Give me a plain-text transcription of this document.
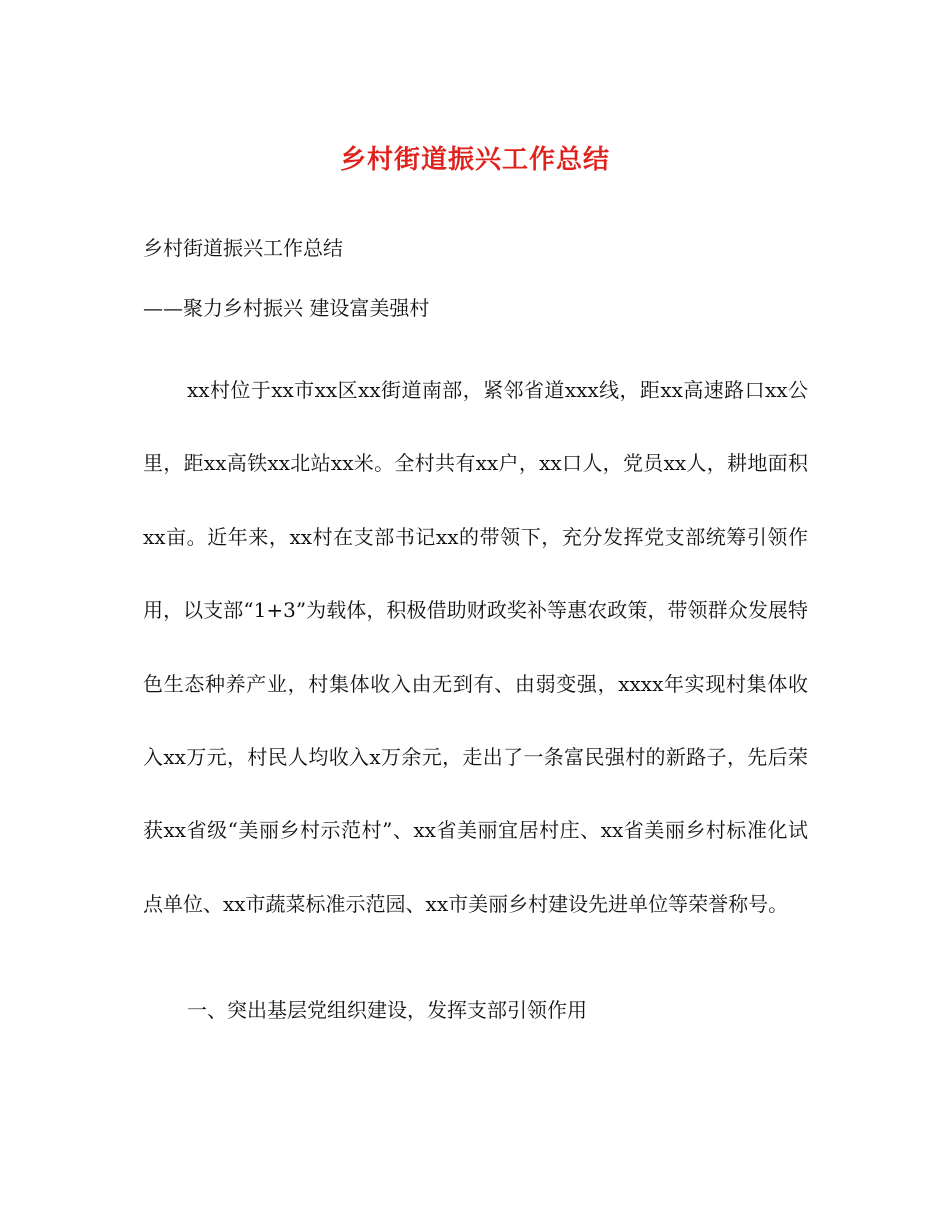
乡村街道振兴工作总结
乡村街道振兴工作总结
——聚力乡村振兴 建设富美强村

xx村位于xx市xx区xx街道南部，紧邻省道xxx线，距xx高速路口xx公里，距xx高铁xx北站xx米。全村共有xx户，xx口人，党员xx人，耕地面积xx亩。近年来，xx村在支部书记xx的带领下，充分发挥党支部统筹引领作用，以支部“1+3”为载体，积极借助财政奖补等惠农政策，带领群众发展特色生态种养产业，村集体收入由无到有、由弱变强，xxxx年实现村集体收入xx万元，村民人均收入x万余元，走出了一条富民强村的新路子，先后荣获xx省级“美丽乡村示范村”、xx省美丽宜居村庄、xx省美丽乡村标准化试点单位、xx市蔬菜标准示范园、xx市美丽乡村建设先进单位等荣誉称号。

一、突出基层党组织建设，发挥支部引领作用
